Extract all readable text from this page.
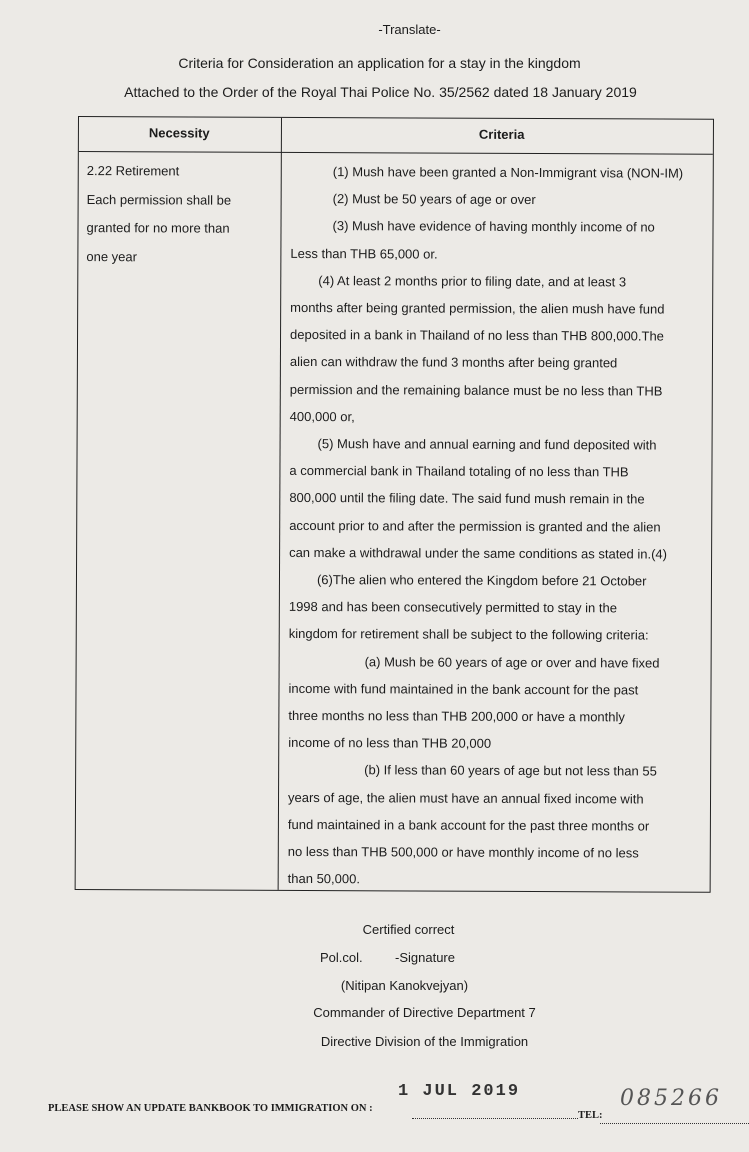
-Translate-
Criteria for Consideration an application for a stay in the kingdom
Attached to the Order of the Royal Thai Police No. 35/2562 dated 18 January 2019
Necessity	Criteria
2.22 Retirement
Each permission shall be
granted for no more than
one year
(1) Mush have been granted a Non-Immigrant visa (NON-IM)
(2) Must be 50 years of age or over
(3) Mush have evidence of having monthly income of no
Less than THB 65,000 or.
(4) At least 2 months prior to filing date, and at least 3
months after being granted permission, the alien mush have fund
deposited in a bank in Thailand of no less than THB 800,000.The
alien can withdraw the fund 3 months after being granted
permission and the remaining balance must be no less than THB
400,000 or,
(5) Mush have and annual earning and fund deposited with
a commercial bank in Thailand totaling of no less than THB
800,000 until the filing date. The said fund mush remain in the
account prior to and after the permission is granted and the alien
can make a withdrawal under the same conditions as stated in.(4)
(6)The alien who entered the Kingdom before 21 October
1998 and has been consecutively permitted to stay in the
kingdom for retirement shall be subject to the following criteria:
(a) Mush be 60 years of age or over and have fixed
income with fund maintained in the bank account for the past
three months no less than THB 200,000 or have a monthly
income of no less than THB 20,000
(b) If less than 60 years of age but not less than 55
years of age, the alien must have an annual fixed income with
fund maintained in a bank account for the past three months or
no less than THB 500,000 or have monthly income of no less
than 50,000.
Certified correct
Pol.col. -Signature
(Nitipan Kanokvejyan)
Commander of Directive Department 7
Directive Division of the Immigration
1 JUL 2019	085266
PLEASE SHOW AN UPDATE BANKBOOK TO IMMIGRATION ON :
TEL:
